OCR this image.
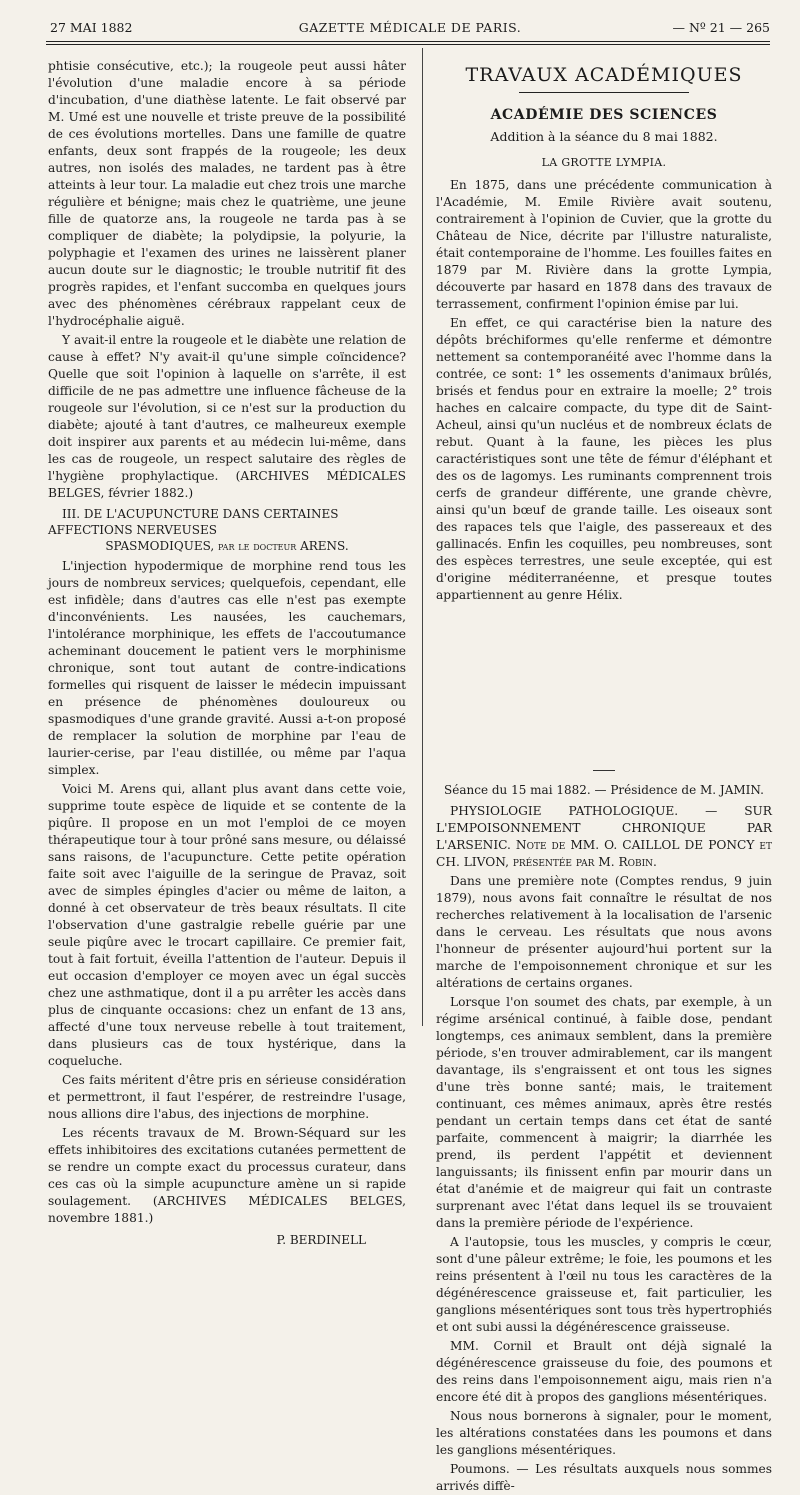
27 MAI 1882	GAZETTE MÉDICALE DE PARIS.	— Nº 21 — 265

phtisie consécutive, etc.); la rougeole peut aussi hâter l'évolution d'une maladie encore à sa période d'incubation, d'une diathèse latente. Le fait observé par M. Umé est une nouvelle et triste preuve de la possibilité de ces évolutions mortelles. Dans une famille de quatre enfants, deux sont frappés de la rougeole; les deux autres, non isolés des malades, ne tardent pas à être atteints à leur tour. La maladie eut chez trois une marche régulière et bénigne; mais chez le quatrième, une jeune fille de quatorze ans, la rougeole ne tarda pas à se compliquer de diabète; la polydipsie, la polyurie, la polyphagie et l'examen des urines ne laissèrent planer aucun doute sur le diagnostic; le trouble nutritif fit des progrès rapides, et l'enfant succomba en quelques jours avec des phénomènes cérébraux rappelant ceux de l'hydrocéphalie aiguë.

Y avait-il entre la rougeole et le diabète une relation de cause à effet? N'y avait-il qu'une simple coïncidence? Quelle que soit l'opinion à laquelle on s'arrête, il est difficile de ne pas admettre une influence fâcheuse de la rougeole sur l'évolution, si ce n'est sur la production du diabète; ajouté à tant d'autres, ce malheureux exemple doit inspirer aux parents et au médecin lui-même, dans les cas de rougeole, un respect salutaire des règles de l'hygiène prophylactique. (ARCHIVES MÉDICALES BELGES, février 1882.)

III. DE L'ACUPUNCTURE DANS CERTAINES AFFECTIONS NERVEUSES
SPASMODIQUES, par le docteur ARENS.

L'injection hypodermique de morphine rend tous les jours de nombreux services; quelquefois, cependant, elle est infidèle; dans d'autres cas elle n'est pas exempte d'inconvénients. Les nausées, les cauchemars, l'intolérance morphinique, les effets de l'accoutumance acheminant doucement le patient vers le morphinisme chronique, sont tout autant de contre-indications formelles qui risquent de laisser le médecin impuissant en présence de phénomènes douloureux ou spasmodiques d'une grande gravité. Aussi a-t-on proposé de remplacer la solution de morphine par l'eau de laurier-cerise, par l'eau distillée, ou même par l'aqua simplex.

Voici M. Arens qui, allant plus avant dans cette voie, supprime toute espèce de liquide et se contente de la piqûre. Il propose en un mot l'emploi de ce moyen thérapeutique tour à tour prôné sans mesure, ou délaissé sans raisons, de l'acupuncture. Cette petite opération faite soit avec l'aiguille de la seringue de Pravaz, soit avec de simples épingles d'acier ou même de laiton, a donné à cet observateur de très beaux résultats. Il cite l'observation d'une gastralgie rebelle guérie par une seule piqûre avec le trocart capillaire. Ce premier fait, tout à fait fortuit, éveilla l'attention de l'auteur. Depuis il eut occasion d'employer ce moyen avec un égal succès chez une asthmatique, dont il a pu arrêter les accès dans plus de cinquante occasions: chez un enfant de 13 ans, affecté d'une toux nerveuse rebelle à tout traitement, dans plusieurs cas de toux hystérique, dans la coqueluche.

Ces faits méritent d'être pris en sérieuse considération et permettront, il faut l'espérer, de restreindre l'usage, nous allions dire l'abus, des injections de morphine.

Les récents travaux de M. Brown-Séquard sur les effets inhibitoires des excitations cutanées permettent de se rendre un compte exact du processus curateur, dans ces cas où la simple acupuncture amène un si rapide soulagement. (ARCHIVES MÉDICALES BELGES, novembre 1881.)

P. BERDINELL
TRAVAUX ACADÉMIQUES
ACADÉMIE DES SCIENCES
Addition à la séance du 8 mai 1882.
LA GROTTE LYMPIA.

En 1875, dans une précédente communication à l'Académie, M. Emile Rivière avait soutenu, contrairement à l'opinion de Cuvier, que la grotte du Château de Nice, décrite par l'illustre naturaliste, était contemporaine de l'homme. Les fouilles faites en 1879 par M. Rivière dans la grotte Lympia, découverte par hasard en 1878 dans des travaux de terrassement, confirment l'opinion émise par lui.

En effet, ce qui caractérise bien la nature des dépôts bréchiformes qu'elle renferme et démontre nettement sa contemporanéité avec l'homme dans la contrée, ce sont: 1° les ossements d'animaux brûlés, brisés et fendus pour en extraire la moelle; 2° trois haches en calcaire compacte, du type dit de Saint-Acheul, ainsi qu'un nucléus et de nombreux éclats de rebut. Quant à la faune, les pièces les plus caractéristiques sont une tête de fémur d'éléphant et des os de lagomys. Les ruminants comprennent trois cerfs de grandeur différente, une grande chèvre, ainsi qu'un bœuf de grande taille. Les oiseaux sont des rapaces tels que l'aigle, des passereaux et des gallinacés. Enfin les coquilles, peu nombreuses, sont des espèces terrestres, une seule exceptée, qui est d'origine méditerranéenne, et presque toutes appartiennent au genre Hélix.

Séance du 15 mai 1882. — Présidence de M. JAMIN.

PHYSIOLOGIE PATHOLOGIQUE. — SUR L'EMPOISONNEMENT CHRONIQUE PAR L'ARSENIC. Note de MM. O. CAILLOL DE PONCY et CH. LIVON, présentée par M. Robin.

Dans une première note (Comptes rendus, 9 juin 1879), nous avons fait connaître le résultat de nos recherches relativement à la localisation de l'arsenic dans le cerveau. Les résultats que nous avons l'honneur de présenter aujourd'hui portent sur la marche de l'empoisonnement chronique et sur les altérations de certains organes.

Lorsque l'on soumet des chats, par exemple, à un régime arsénical continué, à faible dose, pendant longtemps, ces animaux semblent, dans la première période, s'en trouver admirablement, car ils mangent davantage, ils s'engraissent et ont tous les signes d'une très bonne santé; mais, le traitement continuant, ces mêmes animaux, après être restés pendant un certain temps dans cet état de santé parfaite, commencent à maigrir; la diarrhée les prend, ils perdent l'appétit et deviennent languissants; ils finissent enfin par mourir dans un état d'anémie et de maigreur qui fait un contraste surprenant avec l'état dans lequel ils se trouvaient dans la première période de l'expérience.

A l'autopsie, tous les muscles, y compris le cœur, sont d'une pâleur extrême; le foie, les poumons et les reins présentent à l'œil nu tous les caractères de la dégénérescence graisseuse et, fait particulier, les ganglions mésentériques sont tous très hypertrophiés et ont subi aussi la dégénérescence graisseuse.

MM. Cornil et Brault ont déjà signalé la dégénérescence graisseuse du foie, des poumons et des reins dans l'empoisonnement aigu, mais rien n'a encore été dit à propos des ganglions mésentériques.

Nous nous bornerons à signaler, pour le moment, les altérations constatées dans les poumons et dans les ganglions mésentériques.

Poumons. — Les résultats auxquels nous sommes arrivés diffè-
